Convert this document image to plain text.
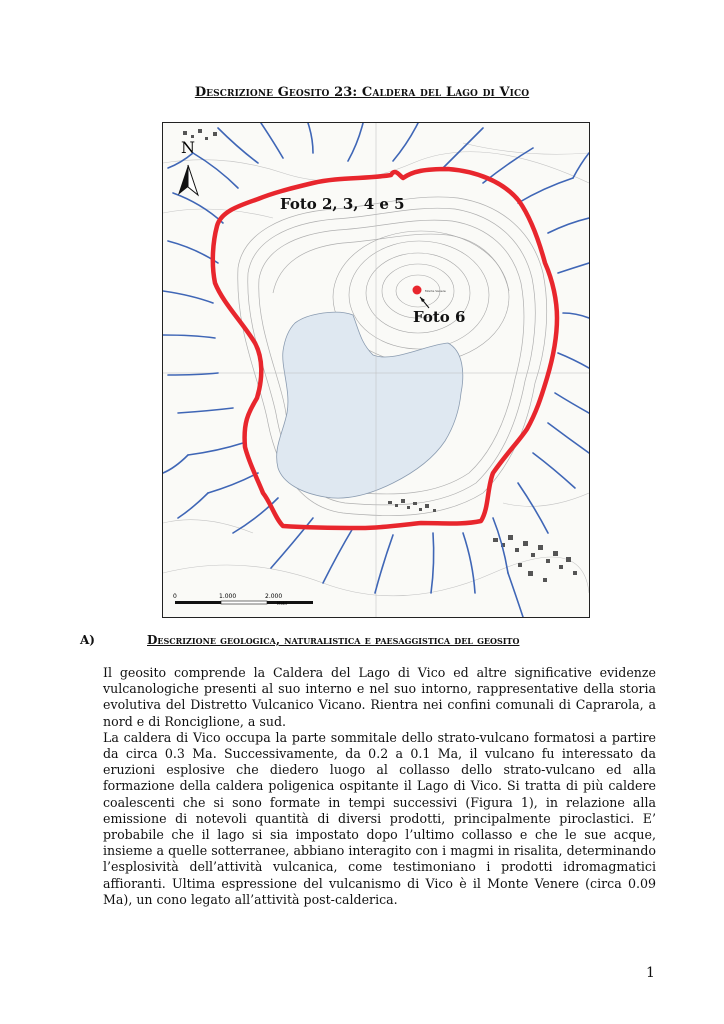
Descrizione Geosito 23: Caldera del Lago di Vico
N
Foto 2, 3, 4 e 5
Monte Venere
Foto 6
0	1.000	2.000
Metri
A)	Descrizione geologica, naturalistica e paesaggistica del geosito

Il geosito comprende la Caldera del Lago di Vico ed altre significative evidenze vulcanologiche presenti al suo interno e nel suo intorno, rappresentative della storia evolutiva del Distretto Vulcanico Vicano. Rientra nei confini comunali di Caprarola, a nord e di Ronciglione, a sud.

La caldera di Vico occupa la parte sommitale dello strato-vulcano formatosi a partire da circa 0.3 Ma. Successivamente, da 0.2 a 0.1 Ma, il vulcano fu interessato da eruzioni esplosive che diedero luogo al collasso dello strato-vulcano ed alla formazione della caldera poligenica ospitante il Lago di Vico. Si tratta di più caldere coalescenti che si sono formate in tempi successivi (Figura 1), in relazione alla emissione di notevoli quantità di diversi prodotti, principalmente piroclastici. E’ probabile che il lago si sia impostato dopo l’ultimo collasso e che le sue acque, insieme a quelle sotterranee, abbiano interagito con i magmi in risalita, determinando l’esplosività dell’attività vulcanica, come testimoniano i prodotti idromagmatici affioranti. Ultima espressione del vulcanismo di Vico è il Monte Venere (circa 0.09 Ma), un cono legato all’attività post-calderica.

1
